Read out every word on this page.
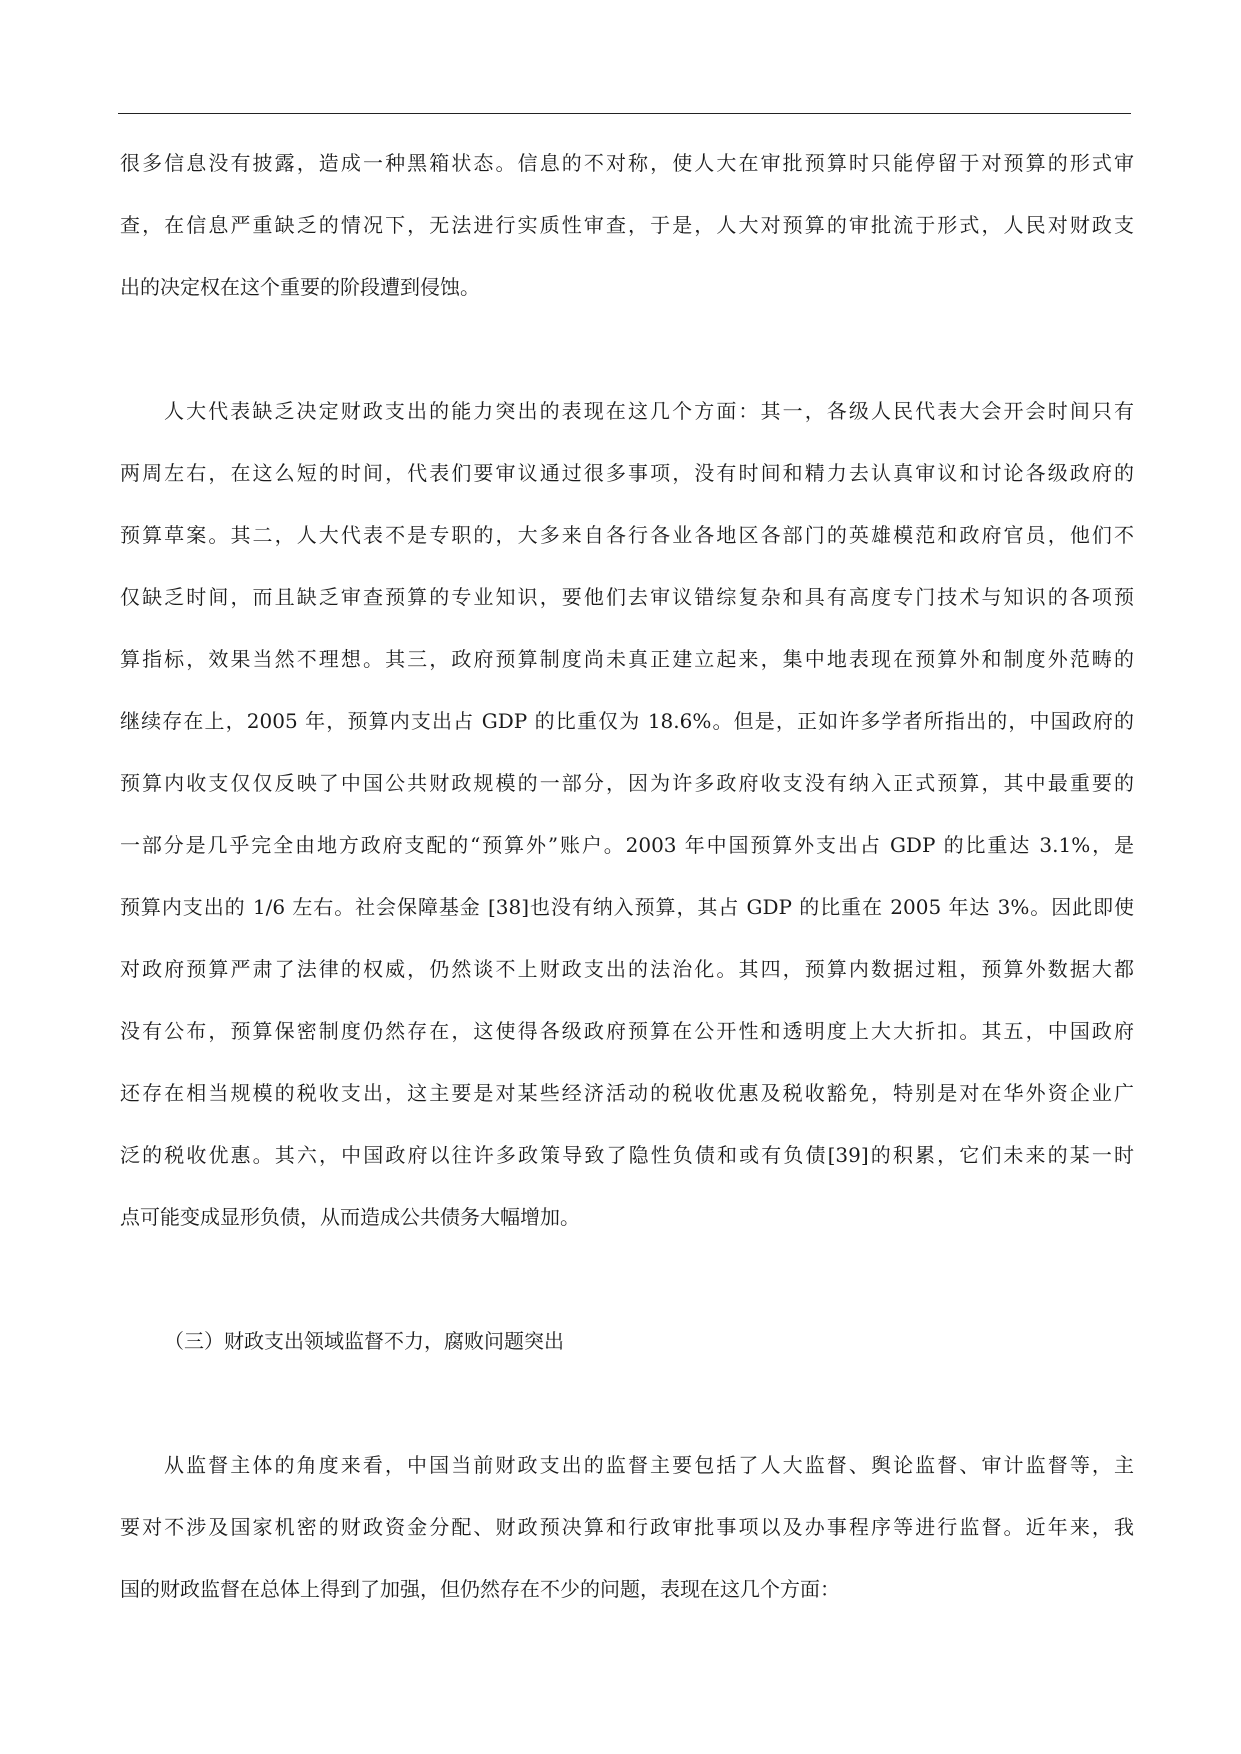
很多信息没有披露，造成一种黑箱状态。信息的不对称，使人大在审批预算时只能停留于对预算的形式审
查，在信息严重缺乏的情况下，无法进行实质性审查，于是，人大对预算的审批流于形式，人民对财政支
出的决定权在这个重要的阶段遭到侵蚀。
人大代表缺乏决定财政支出的能力突出的表现在这几个方面：其一，各级人民代表大会开会时间只有
两周左右，在这么短的时间，代表们要审议通过很多事项，没有时间和精力去认真审议和讨论各级政府的
预算草案。其二，人大代表不是专职的，大多来自各行各业各地区各部门的英雄模范和政府官员，他们不
仅缺乏时间，而且缺乏审查预算的专业知识，要他们去审议错综复杂和具有高度专门技术与知识的各项预
算指标，效果当然不理想。其三，政府预算制度尚未真正建立起来，集中地表现在预算外和制度外范畴的
继续存在上，2005 年，预算内支出占 GDP 的比重仅为 18.6%。但是，正如许多学者所指出的，中国政府的
预算内收支仅仅反映了中国公共财政规模的一部分，因为许多政府收支没有纳入正式预算，其中最重要的
一部分是几乎完全由地方政府支配的“预算外”账户。2003 年中国预算外支出占 GDP 的比重达 3.1%，是
预算内支出的 1/6 左右。社会保障基金 [38]也没有纳入预算，其占 GDP 的比重在 2005 年达 3%。因此即使
对政府预算严肃了法律的权威，仍然谈不上财政支出的法治化。其四，预算内数据过粗，预算外数据大都
没有公布，预算保密制度仍然存在，这使得各级政府预算在公开性和透明度上大大折扣。其五，中国政府
还存在相当规模的税收支出，这主要是对某些经济活动的税收优惠及税收豁免，特别是对在华外资企业广
泛的税收优惠。其六，中国政府以往许多政策导致了隐性负债和或有负债[39]的积累，它们未来的某一时
点可能变成显形负债，从而造成公共债务大幅增加。
（三）财政支出领域监督不力，腐败问题突出
从监督主体的角度来看，中国当前财政支出的监督主要包括了人大监督、舆论监督、审计监督等，主
要对不涉及国家机密的财政资金分配、财政预决算和行政审批事项以及办事程序等进行监督。近年来，我
国的财政监督在总体上得到了加强，但仍然存在不少的问题，表现在这几个方面：
